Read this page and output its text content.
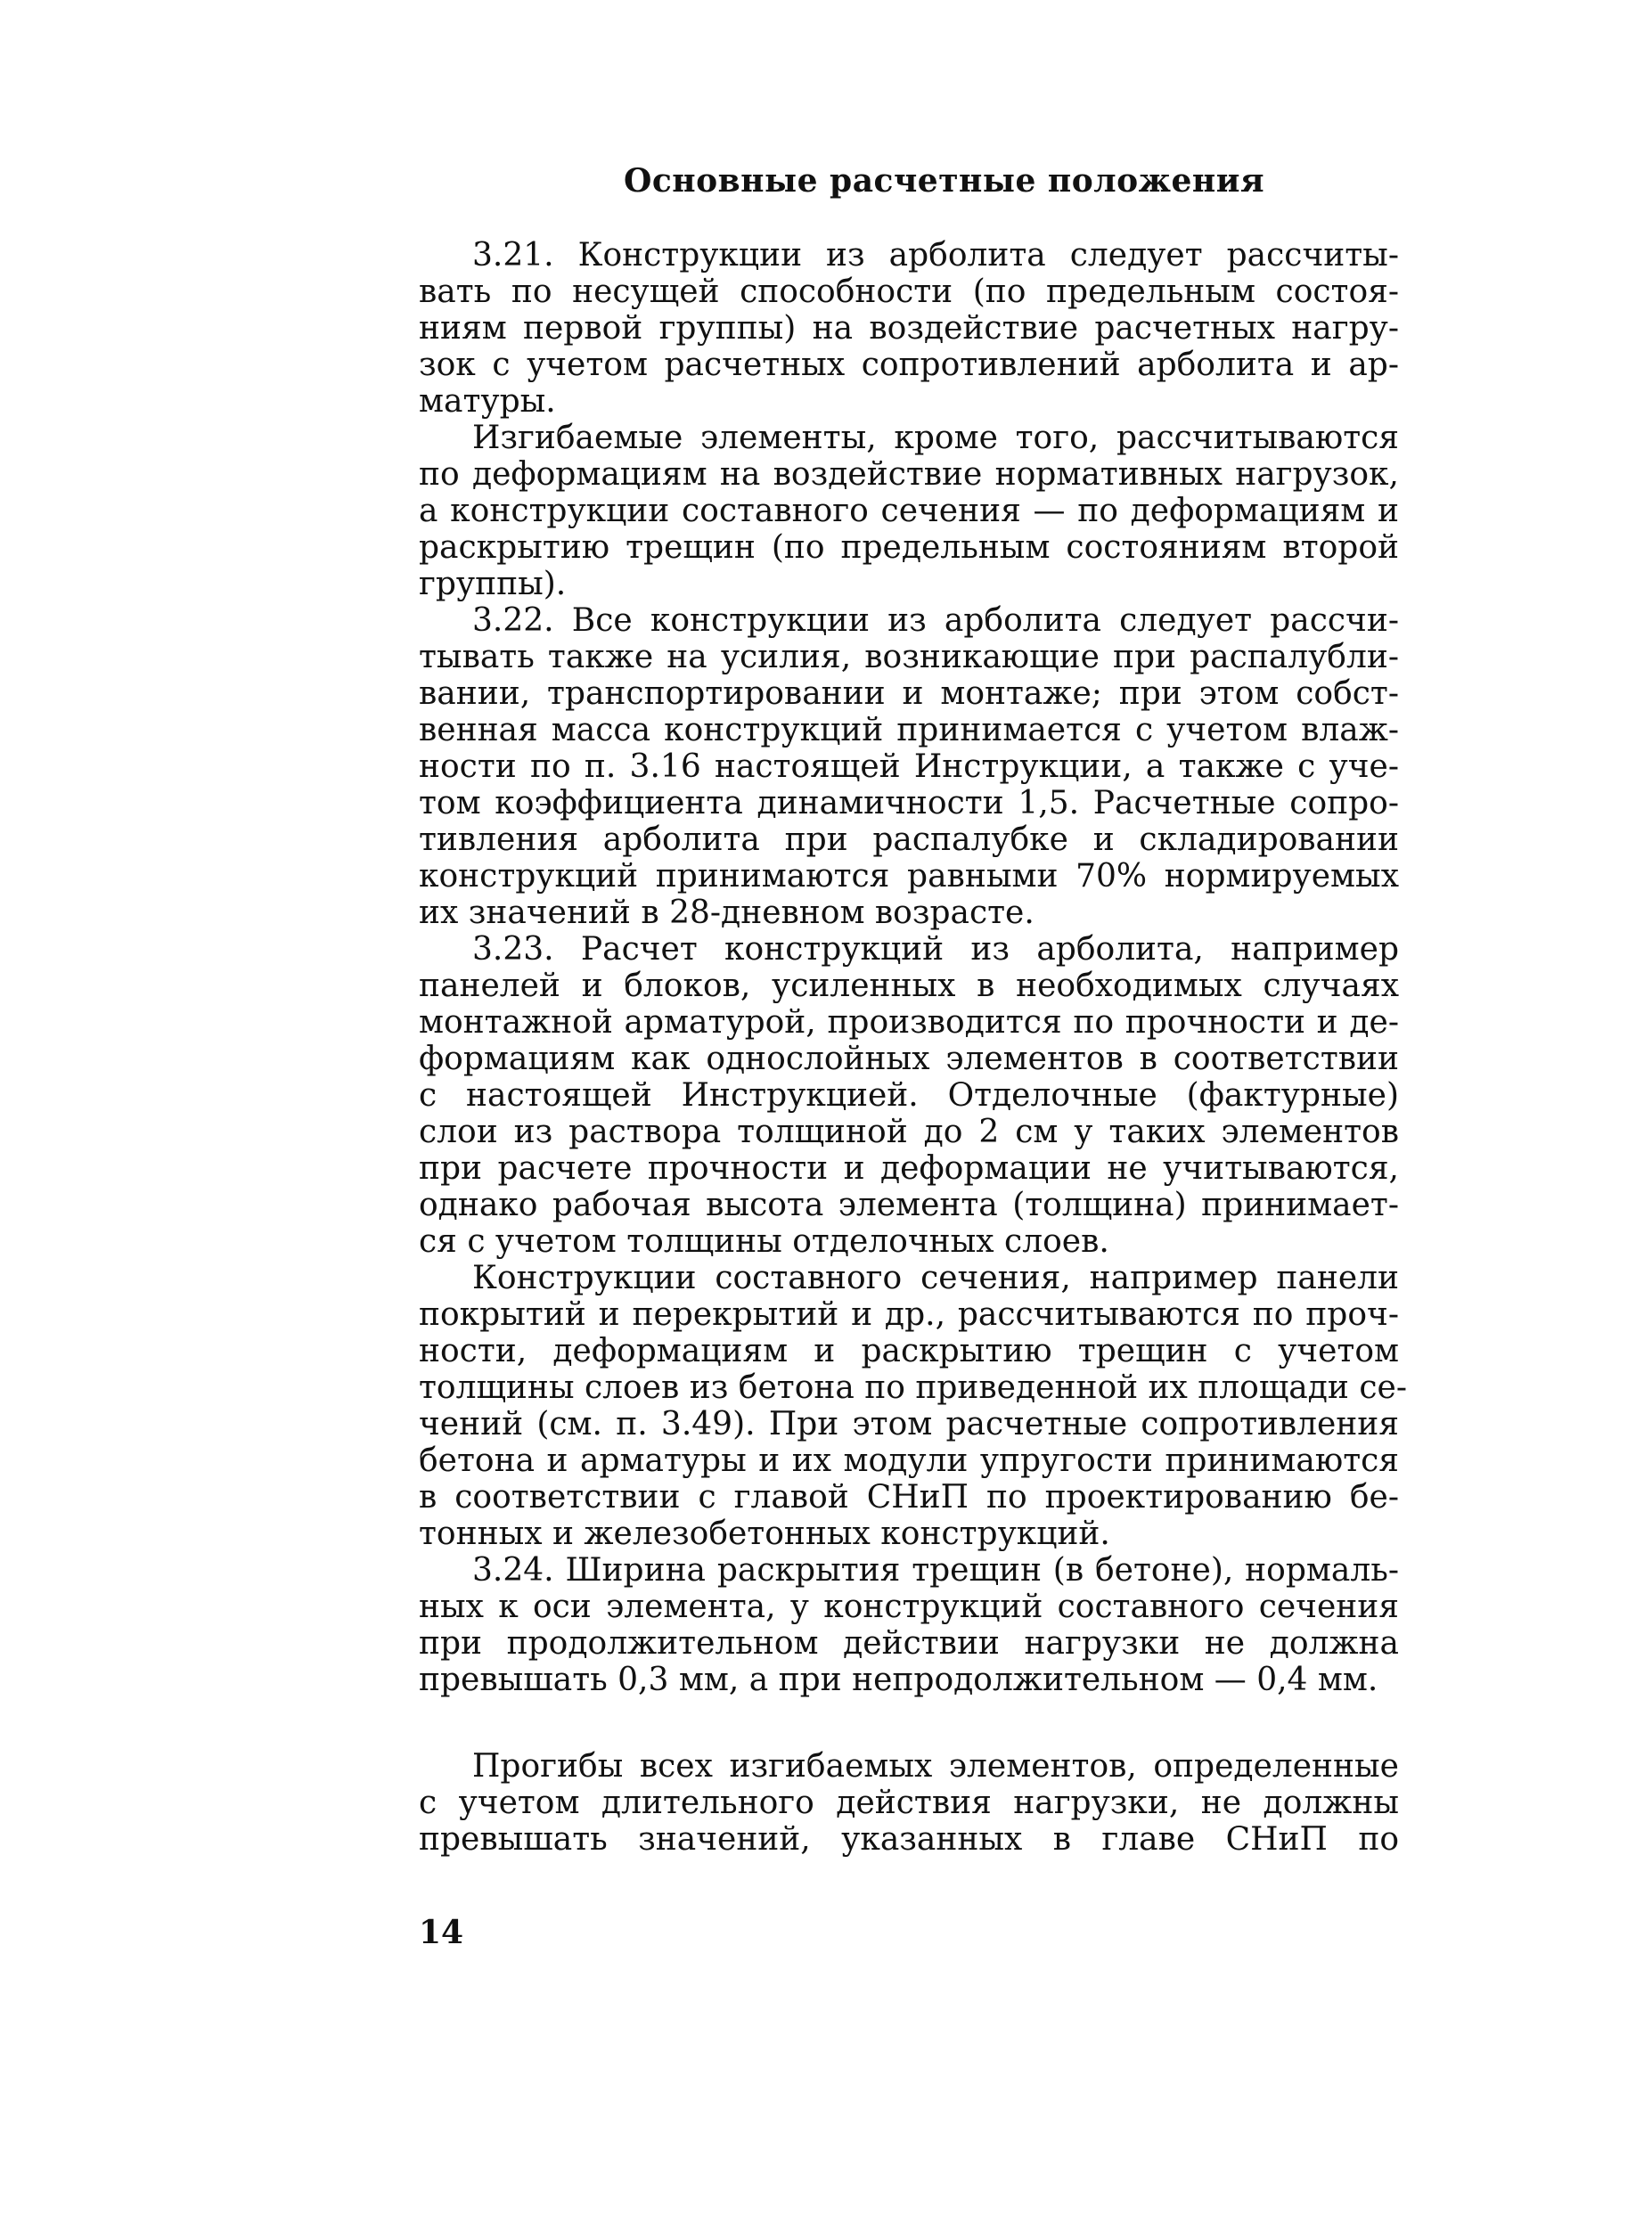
Основные расчетные положения
3.21. Конструкции из арболита следует рассчиты-
вать по несущей способности (по предельным состоя-
ниям первой группы) на воздействие расчетных нагру-
зок с учетом расчетных сопротивлений арболита и ар-
матуры.
Изгибаемые элементы, кроме того, рассчитываются
по деформациям на воздействие нормативных нагрузок,
а конструкции составного сечения — по деформациям и
раскрытию трещин (по предельным состояниям второй
группы).
3.22. Все конструкции из арболита следует рассчи-
тывать также на усилия, возникающие при распалубли-
вании, транспортировании и монтаже; при этом собст-
венная масса конструкций принимается с учетом влаж-
ности по п. 3.16 настоящей Инструкции, а также с уче-
том коэффициента динамичности 1,5. Расчетные сопро-
тивления арболита при распалубке и складировании
конструкций принимаются равными 70% нормируемых
их значений в 28-дневном возрасте.
3.23. Расчет конструкций из арболита, например
панелей и блоков, усиленных в необходимых случаях
монтажной арматурой, производится по прочности и де-
формациям как однослойных элементов в соответствии
с настоящей Инструкцией. Отделочные (фактурные)
слои из раствора толщиной до 2 см у таких элементов
при расчете прочности и деформации не учитываются,
однако рабочая высота элемента (толщина) принимает-
ся с учетом толщины отделочных слоев.
Конструкции составного сечения, например панели
покрытий и перекрытий и др., рассчитываются по проч-
ности, деформациям и раскрытию трещин с учетом
толщины слоев из бетона по приведенной их площади се-
чений (см. п. 3.49). При этом расчетные сопротивления
бетона и арматуры и их модули упругости принимаются
в соответствии с главой СНиП по проектированию бе-
тонных и железобетонных конструкций.
3.24. Ширина раскрытия трещин (в бетоне), нормаль-
ных к оси элемента, у конструкций составного сечения
при продолжительном действии нагрузки не должна
превышать 0,3 мм, а при непродолжительном — 0,4 мм.
Прогибы всех изгибаемых элементов, определенные
с учетом длительного действия нагрузки, не должны
превышать значений, указанных в главе СНиП по
14
